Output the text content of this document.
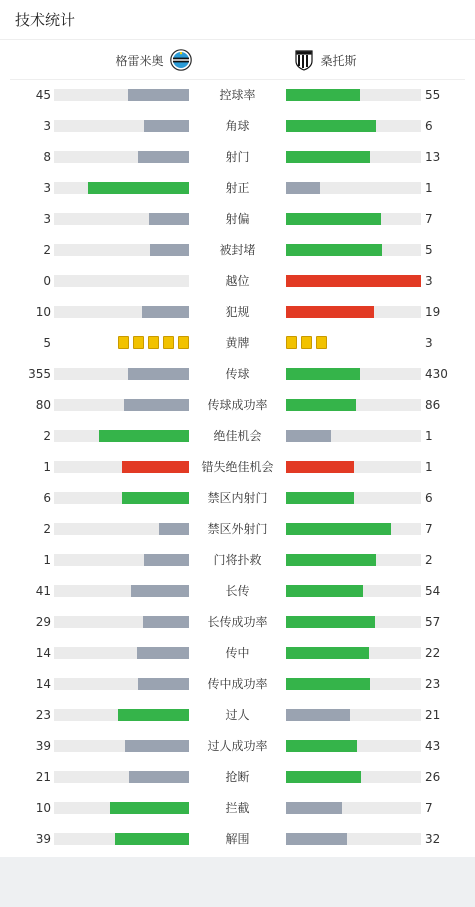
技术统计
格雷米奥	桑托斯
45	控球率	55
3	角球	6
8	射门	13
3	射正	1
3	射偏	7
2	被封堵	5
0	越位	3
10	犯规	19
5	黄牌	3
355	传球	430
80	传球成功率	86
2	绝佳机会	1
1	错失绝佳机会	1
6	禁区内射门	6
2	禁区外射门	7
1	门将扑救	2
41	长传	54
29	长传成功率	57
14	传中	22
14	传中成功率	23
23	过人	21
39	过人成功率	43
21	抢断	26
10	拦截	7
39	解围	32
